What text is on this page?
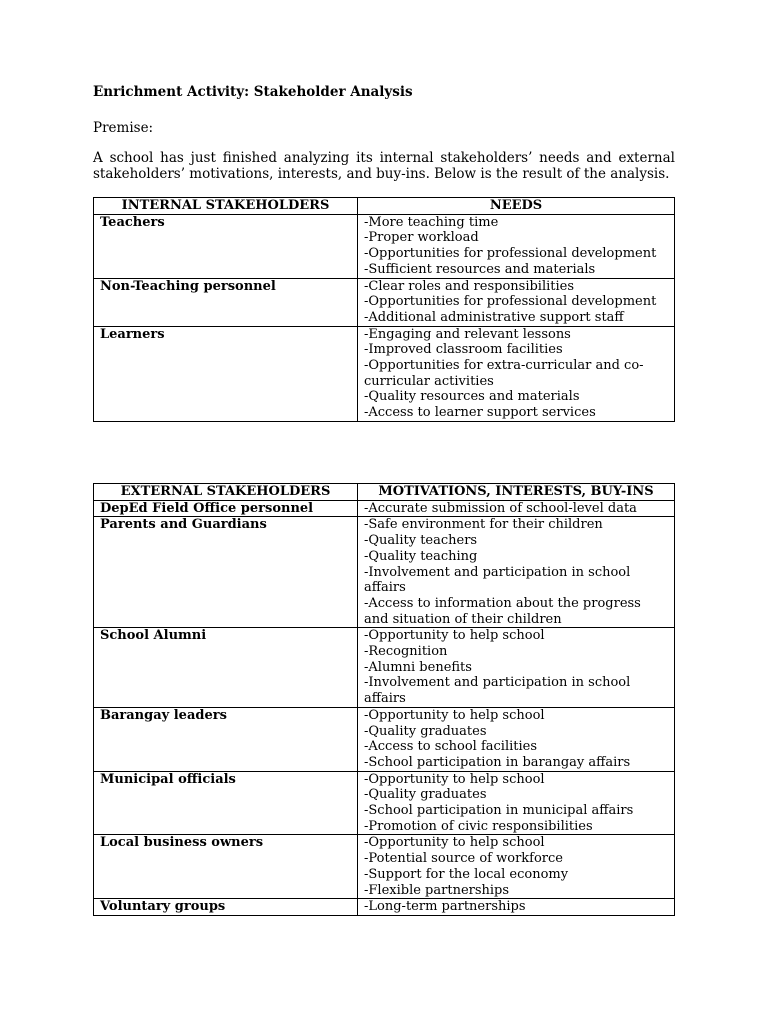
Enrichment Activity: Stakeholder Analysis

Premise:

A school has just finished analyzing its internal stakeholders’ needs and external stakeholders’ motivations, interests, and buy-ins. Below is the result of the analysis.

INTERNAL STAKEHOLDERS	NEEDS
Teachers	-More teaching time
-Proper workload
-Opportunities for professional development
-Sufficient resources and materials

Non-Teaching personnel	-Clear roles and responsibilities
-Opportunities for professional development
-Additional administrative support staff

Learners	-Engaging and relevant lessons
-Improved classroom facilities
-Opportunities for extra-curricular and co-curricular activities
-Quality resources and materials
-Access to learner support services
EXTERNAL STAKEHOLDERS	MOTIVATIONS, INTERESTS, BUY-INS
DepEd Field Office personnel	-Accurate submission of school-level data

Parents and Guardians	-Safe environment for their children
-Quality teachers
-Quality teaching
-Involvement and participation in school affairs
-Access to information about the progress and situation of their children

School Alumni	-Opportunity to help school
-Recognition
-Alumni benefits
-Involvement and participation in school affairs

Barangay leaders	-Opportunity to help school
-Quality graduates
-Access to school facilities
-School participation in barangay affairs

Municipal officials	-Opportunity to help school
-Quality graduates
-School participation in municipal affairs
-Promotion of civic responsibilities

Local business owners	-Opportunity to help school
-Potential source of workforce
-Support for the local economy
-Flexible partnerships

Voluntary groups	-Long-term partnerships
